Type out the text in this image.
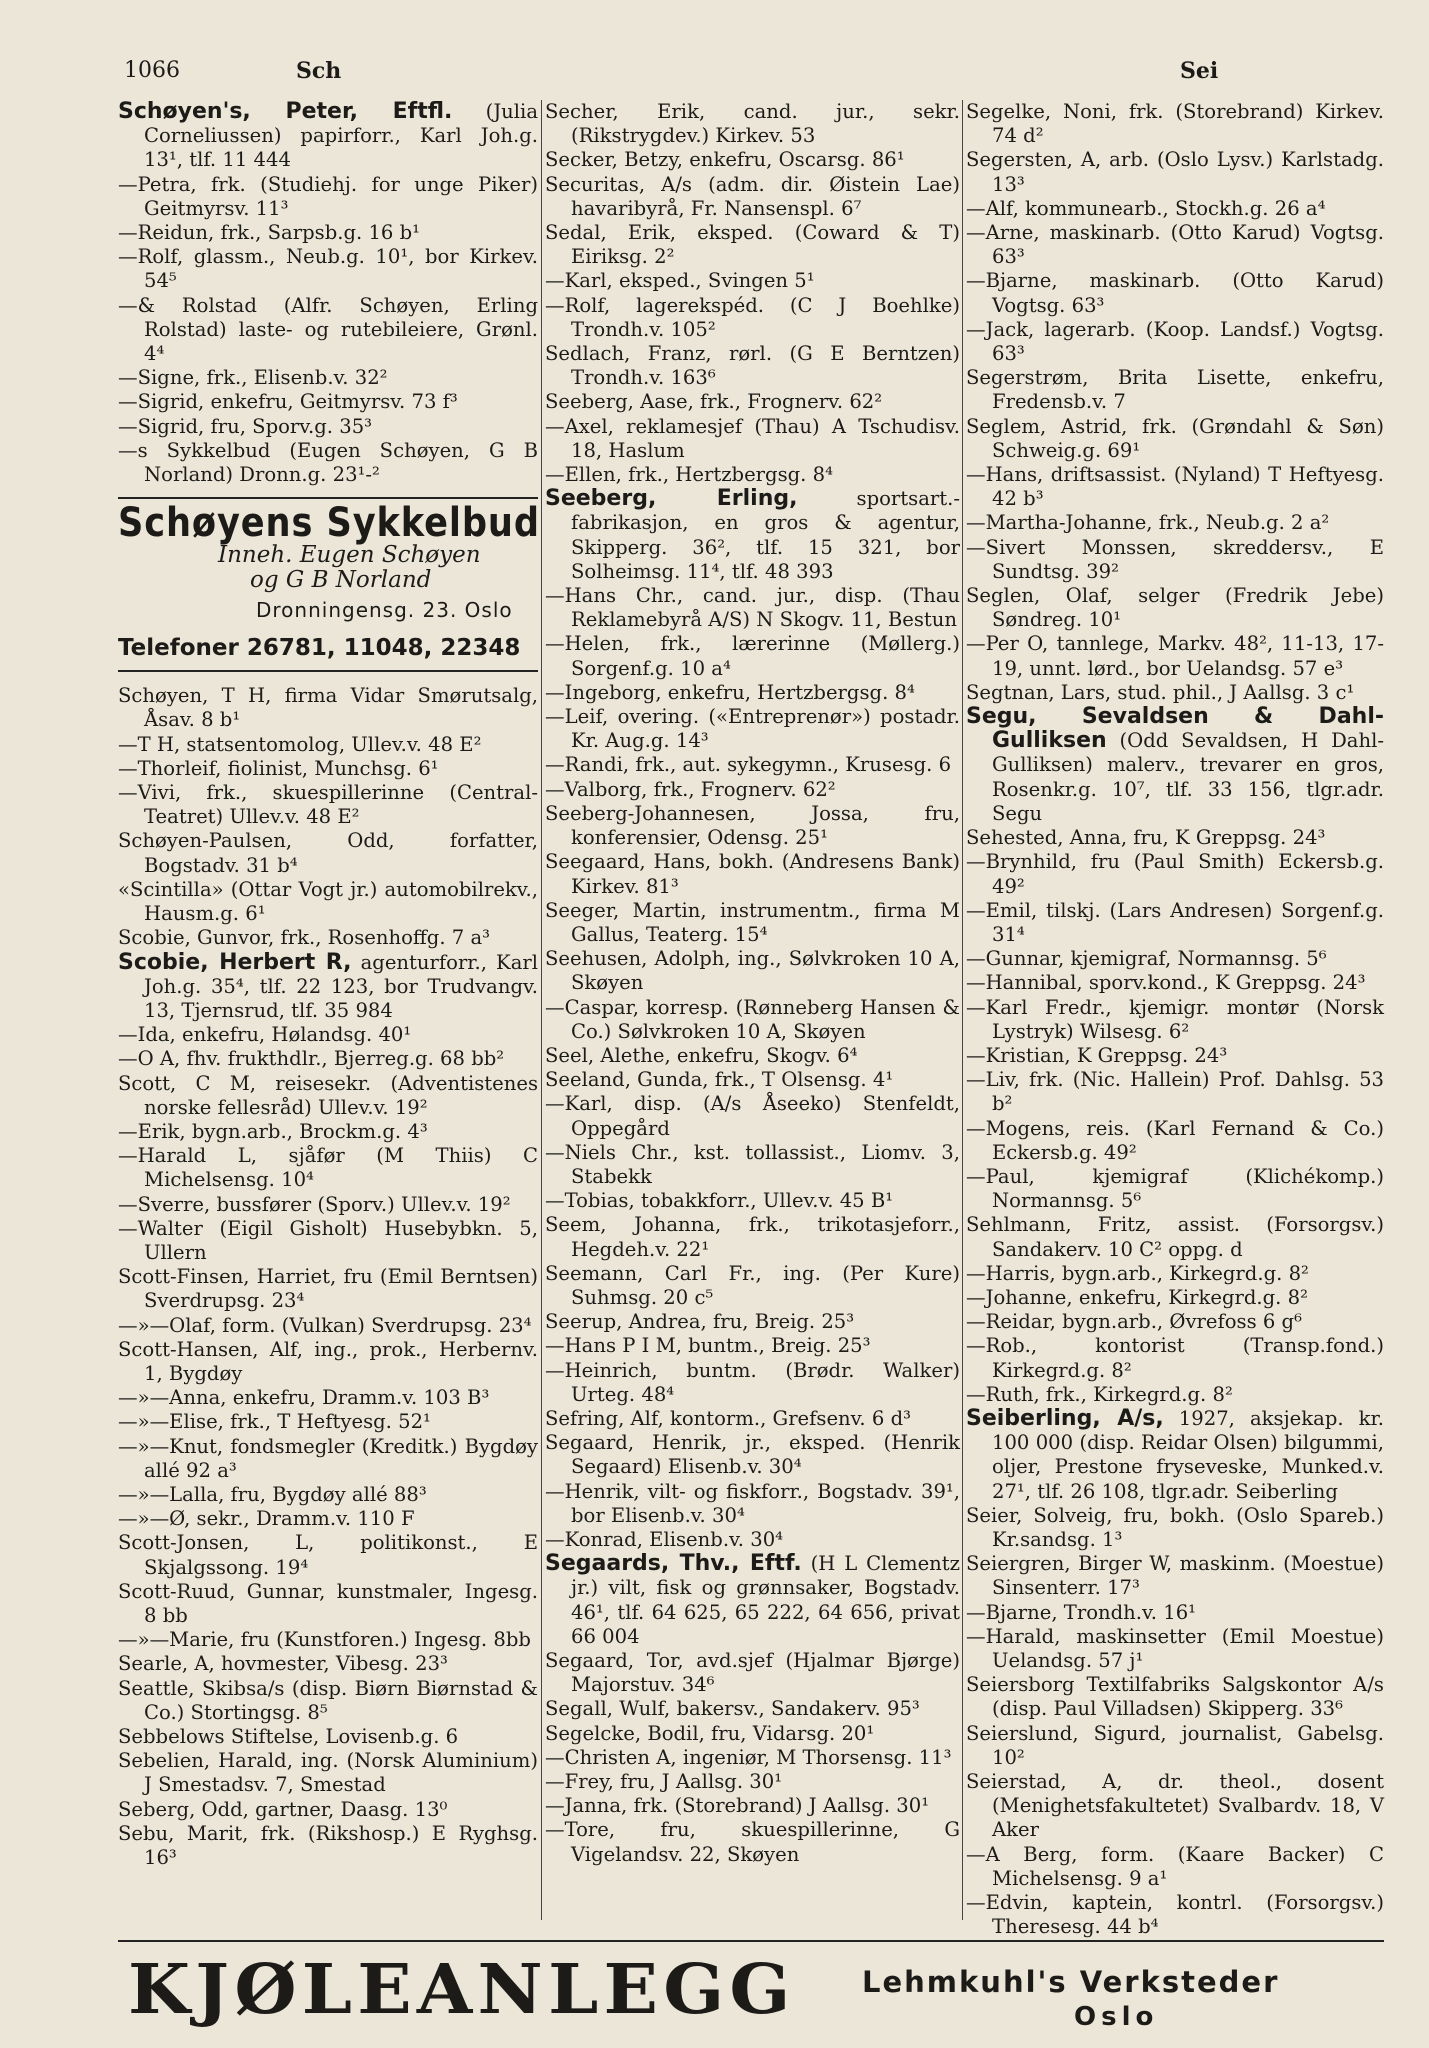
1066	Sch	Sei

Schøyen's, Peter, Eftfl. (Julia Corneliussen) papirforr., Karl Joh.g. 13¹, tlf. 11 444

—Petra, frk. (Studiehj. for unge Piker) Geitmyrsv. 11³

—Reidun, frk., Sarpsb.g. 16 b¹

—Rolf, glassm., Neub.g. 10¹, bor Kirkev. 54⁵

—& Rolstad (Alfr. Schøyen, Erling Rolstad) laste- og rutebileiere, Grønl. 4⁴

—Signe, frk., Elisenb.v. 32²

—Sigrid, enkefru, Geitmyrsv. 73 f³

—Sigrid, fru, Sporv.g. 35³

—s Sykkelbud (Eugen Schøyen, G B Norland) Dronn.g. 23¹-²

Schøyens Sykkelbud
Inneh. Eugen Schøyen
og G B Norland
Dronningensg. 23. Oslo
Telefoner 26781, 11048, 22348

Schøyen, T H, firma Vidar Smørutsalg, Åsav. 8 b¹

—T H, statsentomolog, Ullev.v. 48 E²

—Thorleif, fiolinist, Munchsg. 6¹

—Vivi, frk., skuespillerinne (Central-Teatret) Ullev.v. 48 E²

Schøyen-Paulsen, Odd, forfatter, Bogstadv. 31 b⁴

«Scintilla» (Ottar Vogt jr.) automobilrekv., Hausm.g. 6¹

Scobie, Gunvor, frk., Rosenhoffg. 7 a³

Scobie, Herbert R, agenturforr., Karl Joh.g. 35⁴, tlf. 22 123, bor Trudvangv. 13, Tjernsrud, tlf. 35 984

—Ida, enkefru, Hølandsg. 40¹

—O A, fhv. frukthdlr., Bjerreg.g. 68 bb²

Scott, C M, reisesekr. (Adventistenes norske fellesråd) Ullev.v. 19²

—Erik, bygn.arb., Brockm.g. 4³

—Harald L, sjåfør (M Thiis) C Michelsensg. 10⁴

—Sverre, bussfører (Sporv.) Ullev.v. 19²

—Walter (Eigil Gisholt) Husebybkn. 5, Ullern

Scott-Finsen, Harriet, fru (Emil Berntsen) Sverdrupsg. 23⁴

—»—Olaf, form. (Vulkan) Sverdrupsg. 23⁴

Scott-Hansen, Alf, ing., prok., Herbernv. 1, Bygdøy

—»—Anna, enkefru, Dramm.v. 103 B³

—»—Elise, frk., T Heftyesg. 52¹

—»—Knut, fondsmegler (Kreditk.) Bygdøy allé 92 a³

—»—Lalla, fru, Bygdøy allé 88³

—»—Ø, sekr., Dramm.v. 110 F

Scott-Jonsen, L, politikonst., E Skjalgssong. 19⁴

Scott-Ruud, Gunnar, kunstmaler, Ingesg. 8 bb

—»—Marie, fru (Kunstforen.) Ingesg. 8bb

Searle, A, hovmester, Vibesg. 23³

Seattle, Skibsa/s (disp. Biørn Biørnstad & Co.) Stortingsg. 8⁵

Sebbelows Stiftelse, Lovisenb.g. 6

Sebelien, Harald, ing. (Norsk Aluminium) J Smestadsv. 7, Smestad

Seberg, Odd, gartner, Daasg. 13⁰

Sebu, Marit, frk. (Rikshosp.) E Ryghsg. 16³

Secher, Erik, cand. jur., sekr. (Rikstrygdev.) Kirkev. 53

Secker, Betzy, enkefru, Oscarsg. 86¹

Securitas, A/s (adm. dir. Øistein Lae) havaribyrå, Fr. Nansenspl. 6⁷

Sedal, Erik, eksped. (Coward & T) Eiriksg. 2²

—Karl, eksped., Svingen 5¹

—Rolf, lagerekspéd. (C J Boehlke) Trondh.v. 105²

Sedlach, Franz, rørl. (G E Berntzen) Trondh.v. 163⁶

Seeberg, Aase, frk., Frognerv. 62²

—Axel, reklamesjef (Thau) A Tschudisv. 18, Haslum

—Ellen, frk., Hertzbergsg. 8⁴

Seeberg, Erling, sportsart.-fabrikasjon, en gros & agentur, Skipperg. 36², tlf. 15 321, bor Solheimsg. 11⁴, tlf. 48 393

—Hans Chr., cand. jur., disp. (Thau Reklamebyrå A/S) N Skogv. 11, Bestun

—Helen, frk., lærerinne (Møllerg.) Sorgenf.g. 10 a⁴

—Ingeborg, enkefru, Hertzbergsg. 8⁴

—Leif, overing. («Entreprenør») postadr. Kr. Aug.g. 14³

—Randi, frk., aut. sykegymn., Krusesg. 6

—Valborg, frk., Frognerv. 62²

Seeberg-Johannesen, Jossa, fru, konferensier, Odensg. 25¹

Seegaard, Hans, bokh. (Andresens Bank) Kirkev. 81³

Seeger, Martin, instrumentm., firma M Gallus, Teaterg. 15⁴

Seehusen, Adolph, ing., Sølvkroken 10 A, Skøyen

—Caspar, korresp. (Rønneberg Hansen & Co.) Sølvkroken 10 A, Skøyen

Seel, Alethe, enkefru, Skogv. 6⁴

Seeland, Gunda, frk., T Olsensg. 4¹

—Karl, disp. (A/s Åseeko) Stenfeldt, Oppegård

—Niels Chr., kst. tollassist., Liomv. 3, Stabekk

—Tobias, tobakkforr., Ullev.v. 45 B¹

Seem, Johanna, frk., trikotasjeforr., Hegdeh.v. 22¹

Seemann, Carl Fr., ing. (Per Kure) Suhmsg. 20 c⁵

Seerup, Andrea, fru, Breig. 25³

—Hans P I M, buntm., Breig. 25³

—Heinrich, buntm. (Brødr. Walker) Urteg. 48⁴

Sefring, Alf, kontorm., Grefsenv. 6 d³

Segaard, Henrik, jr., eksped. (Henrik Segaard) Elisenb.v. 30⁴

—Henrik, vilt- og fiskforr., Bogstadv. 39¹, bor Elisenb.v. 30⁴

—Konrad, Elisenb.v. 30⁴

Segaards, Thv., Eftf. (H L Clementz jr.) vilt, fisk og grønnsaker, Bogstadv. 46¹, tlf. 64 625, 65 222, 64 656, privat 66 004

Segaard, Tor, avd.sjef (Hjalmar Bjørge) Majorstuv. 34⁶

Segall, Wulf, bakersv., Sandakerv. 95³

Segelcke, Bodil, fru, Vidarsg. 20¹

—Christen A, ingeniør, M Thorsensg. 11³

—Frey, fru, J Aallsg. 30¹

—Janna, frk. (Storebrand) J Aallsg. 30¹

—Tore, fru, skuespillerinne, G Vigelandsv. 22, Skøyen

Segelke, Noni, frk. (Storebrand) Kirkev. 74 d²

Segersten, A, arb. (Oslo Lysv.) Karlstadg. 13³

—Alf, kommunearb., Stockh.g. 26 a⁴

—Arne, maskinarb. (Otto Karud) Vogtsg. 63³

—Bjarne, maskinarb. (Otto Karud) Vogtsg. 63³

—Jack, lagerarb. (Koop. Landsf.) Vogtsg. 63³

Segerstrøm, Brita Lisette, enkefru, Fredensb.v. 7

Seglem, Astrid, frk. (Grøndahl & Søn) Schweig.g. 69¹

—Hans, driftsassist. (Nyland) T Heftyesg. 42 b³

—Martha-Johanne, frk., Neub.g. 2 a²

—Sivert Monssen, skreddersv., E Sundtsg. 39²

Seglen, Olaf, selger (Fredrik Jebe) Søndreg. 10¹

—Per O, tannlege, Markv. 48², 11-13, 17-19, unnt. lørd., bor Uelandsg. 57 e³

Segtnan, Lars, stud. phil., J Aallsg. 3 c¹

Segu, Sevaldsen & Dahl-Gulliksen (Odd Sevaldsen, H Dahl-Gulliksen) malerv., trevarer en gros, Rosenkr.g. 10⁷, tlf. 33 156, tlgr.adr. Segu

Sehested, Anna, fru, K Greppsg. 24³

—Brynhild, fru (Paul Smith) Eckersb.g. 49²

—Emil, tilskj. (Lars Andresen) Sorgenf.g. 31⁴

—Gunnar, kjemigraf, Normannsg. 5⁶

—Hannibal, sporv.kond., K Greppsg. 24³

—Karl Fredr., kjemigr. montør (Norsk Lystryk) Wilsesg. 6²

—Kristian, K Greppsg. 24³

—Liv, frk. (Nic. Hallein) Prof. Dahlsg. 53 b²

—Mogens, reis. (Karl Fernand & Co.) Eckersb.g. 49²

—Paul, kjemigraf (Klichékomp.) Normannsg. 5⁶

Sehlmann, Fritz, assist. (Forsorgsv.) Sandakerv. 10 C² oppg. d

—Harris, bygn.arb., Kirkegrd.g. 8²

—Johanne, enkefru, Kirkegrd.g. 8²

—Reidar, bygn.arb., Øvrefoss 6 g⁶

—Rob., kontorist (Transp.fond.) Kirkegrd.g. 8²

—Ruth, frk., Kirkegrd.g. 8²

Seiberling, A/s, 1927, aksjekap. kr. 100 000 (disp. Reidar Olsen) bilgummi, oljer, Prestone fryseveske, Munked.v. 27¹, tlf. 26 108, tlgr.adr. Seiberling

Seier, Solveig, fru, bokh. (Oslo Spareb.) Kr.sandsg. 1³

Seiergren, Birger W, maskinm. (Moestue) Sinsenterr. 17³

—Bjarne, Trondh.v. 16¹

—Harald, maskinsetter (Emil Moestue) Uelandsg. 57 j¹

Seiersborg Textilfabriks Salgskontor A/s (disp. Paul Villadsen) Skipperg. 33⁶

Seierslund, Sigurd, journalist, Gabelsg. 10²

Seierstad, A, dr. theol., dosent (Menighetsfakultetet) Svalbardv. 18, V Aker

—A Berg, form. (Kaare Backer) C Michelsensg. 9 a¹

—Edvin, kaptein, kontrl. (Forsorgsv.) Theresesg. 44 b⁴

KJØLEANLEGG Lehmkuhl's Verksteder
Oslo
